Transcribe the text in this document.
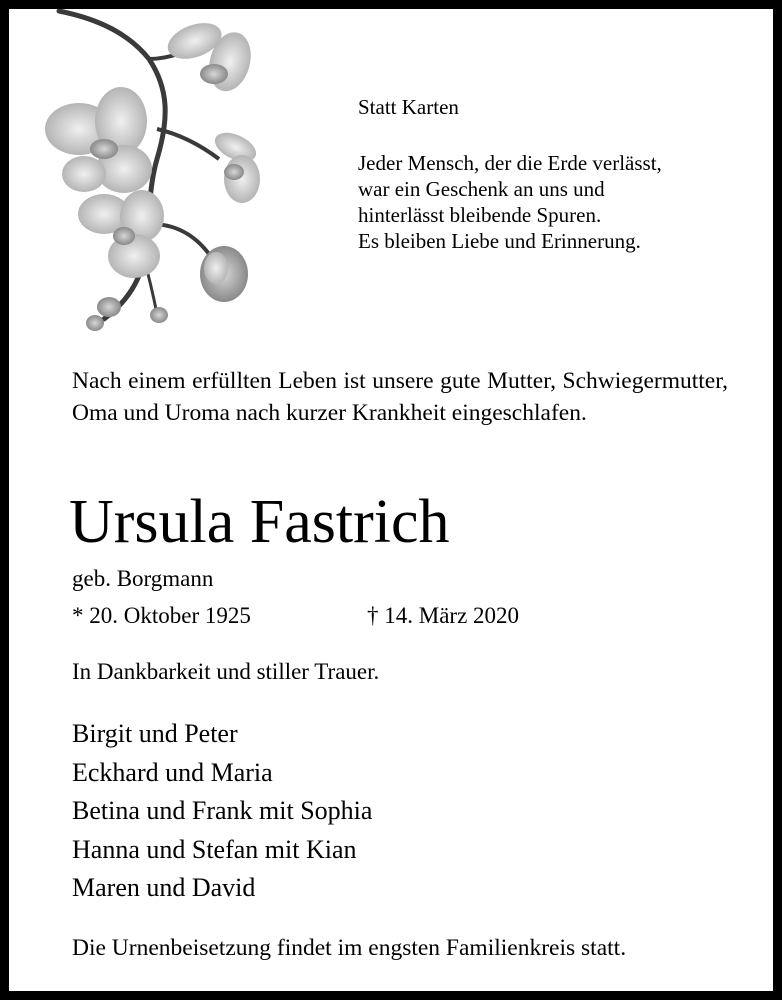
Statt Karten
Jeder Mensch, der die Erde verlässt,
war ein Geschenk an uns und
hinterlässt bleibende Spuren.
Es bleiben Liebe und Erinnerung.
Nach einem erfüllten Leben ist unsere gute Mutter, Schwiegermutter, Oma und Uroma nach kurzer Krankheit eingeschlafen.
Ursula Fastrich
geb. Borgmann
* 20. Oktober 1925	† 14. März 2020
In Dankbarkeit und stiller Trauer.
Birgit und Peter
Eckhard und Maria
Betina und Frank mit Sophia
Hanna und Stefan mit Kian
Maren und David
Die Urnenbeisetzung findet im engsten Familienkreis statt.
